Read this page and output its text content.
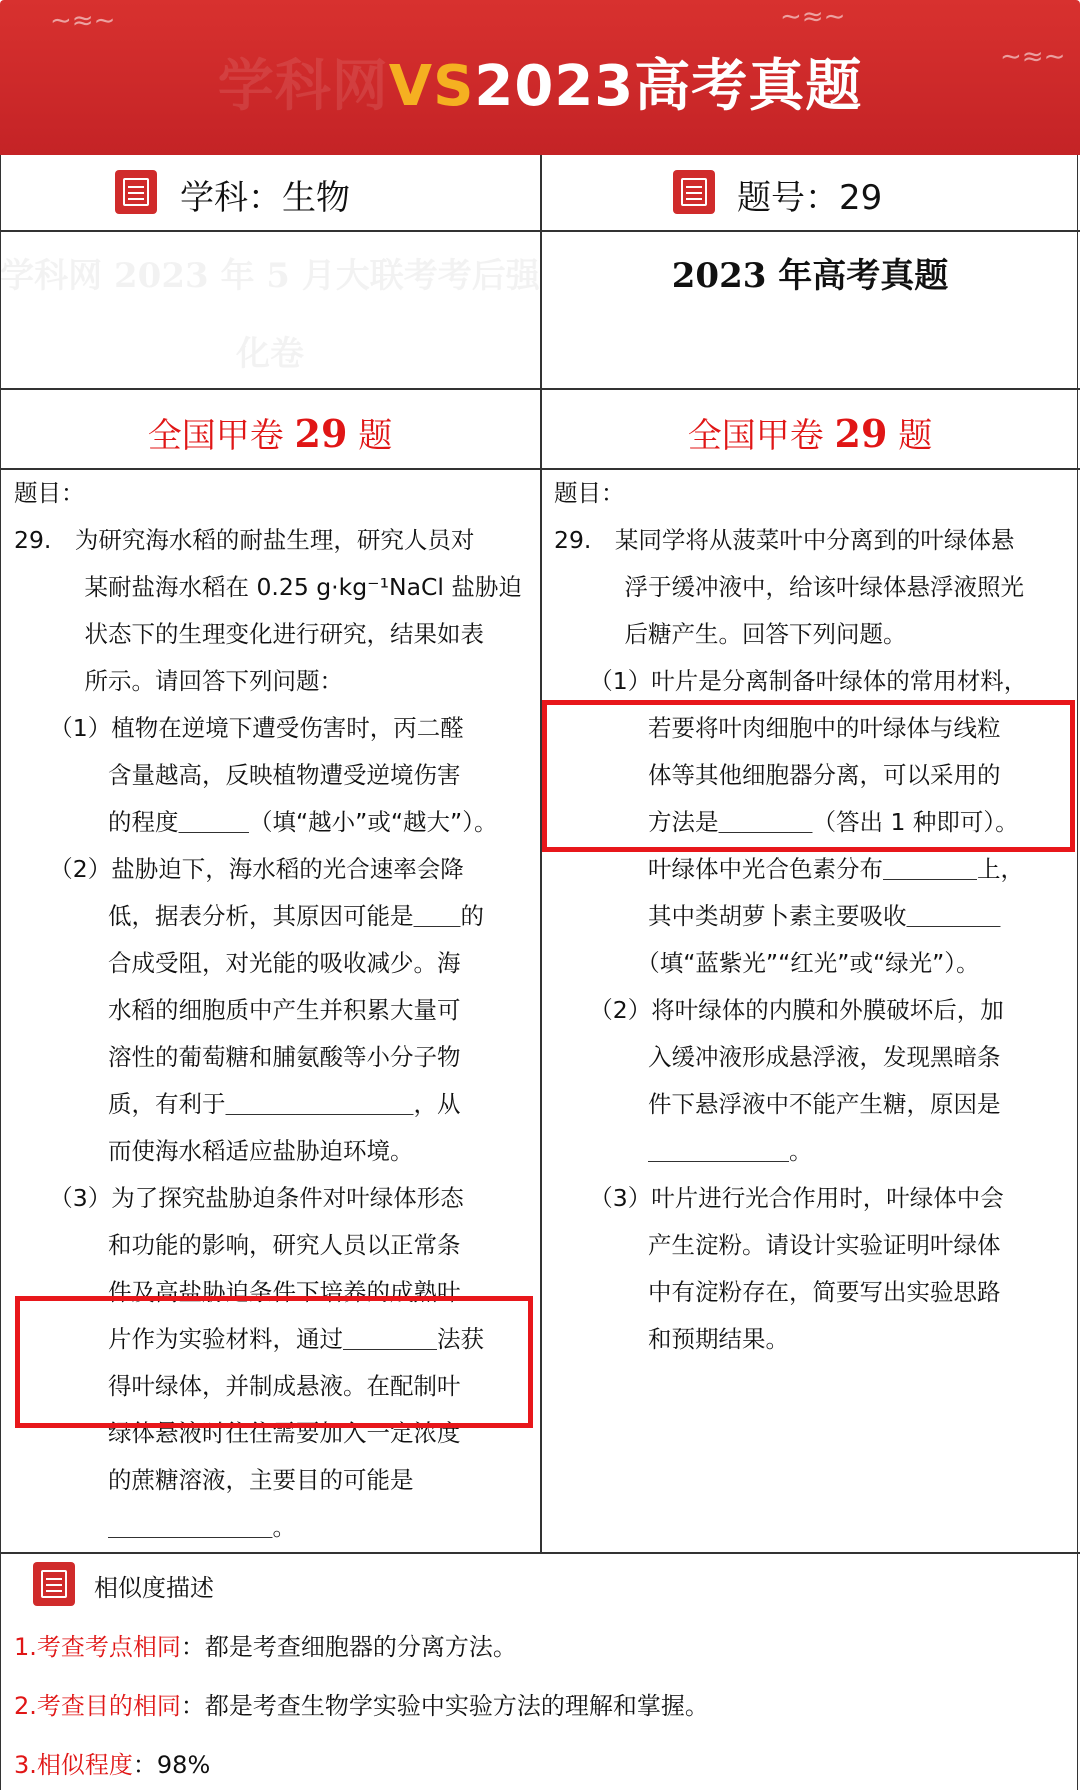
∼≈∼	∼≈∼
∼≈∼
学科网VS2023高考真题
学科：生物	题号：29
学科网 2023 年 5 月大联考考后强
化卷
2023 年高考真题
全国甲卷 29 题	全国甲卷 29 题

题目：

29.　为研究海水稻的耐盐生理，研究人员对

　　　某耐盐海水稻在 0.25 g·kg⁻¹NaCl 盐胁迫

　　　状态下的生理变化进行研究，结果如表

　　　所示。请回答下列问题：

　　（1）植物在逆境下遭受伤害时，丙二醛

　　　　含量越高，反映植物遭受逆境伤害

　　　　的程度＿＿＿（填“越小”或“越大”）。

　　（2）盐胁迫下，海水稻的光合速率会降

　　　　低，据表分析，其原因可能是＿＿的

　　　　合成受阻，对光能的吸收减少。海

　　　　水稻的细胞质中产生并积累大量可

　　　　溶性的葡萄糖和脯氨酸等小分子物

　　　　质，有利于＿＿＿＿＿＿＿＿，从

　　　　而使海水稻适应盐胁迫环境。

　　（3）为了探究盐胁迫条件对叶绿体形态

　　　　和功能的影响，研究人员以正常条

　　　　件及高盐胁迫条件下培养的成熟叶

　　　　片作为实验材料，通过＿＿＿＿法获

　　　　得叶绿体，并制成悬液。在配制叶

　　　　绿体悬液时往往需要加入一定浓度

　　　　的蔗糖溶液，主要目的可能是

　　　　＿＿＿＿＿＿＿。

题目：

29.　某同学将从菠菜叶中分离到的叶绿体悬

　　　浮于缓冲液中，给该叶绿体悬浮液照光

　　　后糖产生。回答下列问题。

　　（1）叶片是分离制备叶绿体的常用材料，

　　　　若要将叶肉细胞中的叶绿体与线粒

　　　　体等其他细胞器分离，可以采用的

　　　　方法是＿＿＿＿（答出 1 种即可）。

　　　　叶绿体中光合色素分布＿＿＿＿上，

　　　　其中类胡萝卜素主要吸收＿＿＿＿

　　　　（填“蓝紫光”“红光”或“绿光”）。

　　（2）将叶绿体的内膜和外膜破坏后，加

　　　　入缓冲液形成悬浮液，发现黑暗条

　　　　件下悬浮液中不能产生糖，原因是

　　　　＿＿＿＿＿＿。

　　（3）叶片进行光合作用时，叶绿体中会

　　　　产生淀粉。请设计实验证明叶绿体

　　　　中有淀粉存在，简要写出实验思路

　　　　和预期结果。

相似度描述
1.考查考点相同：都是考查细胞器的分离方法。
2.考查目的相同：都是考查生物学实验中实验方法的理解和掌握。
3.相似程度：98%
